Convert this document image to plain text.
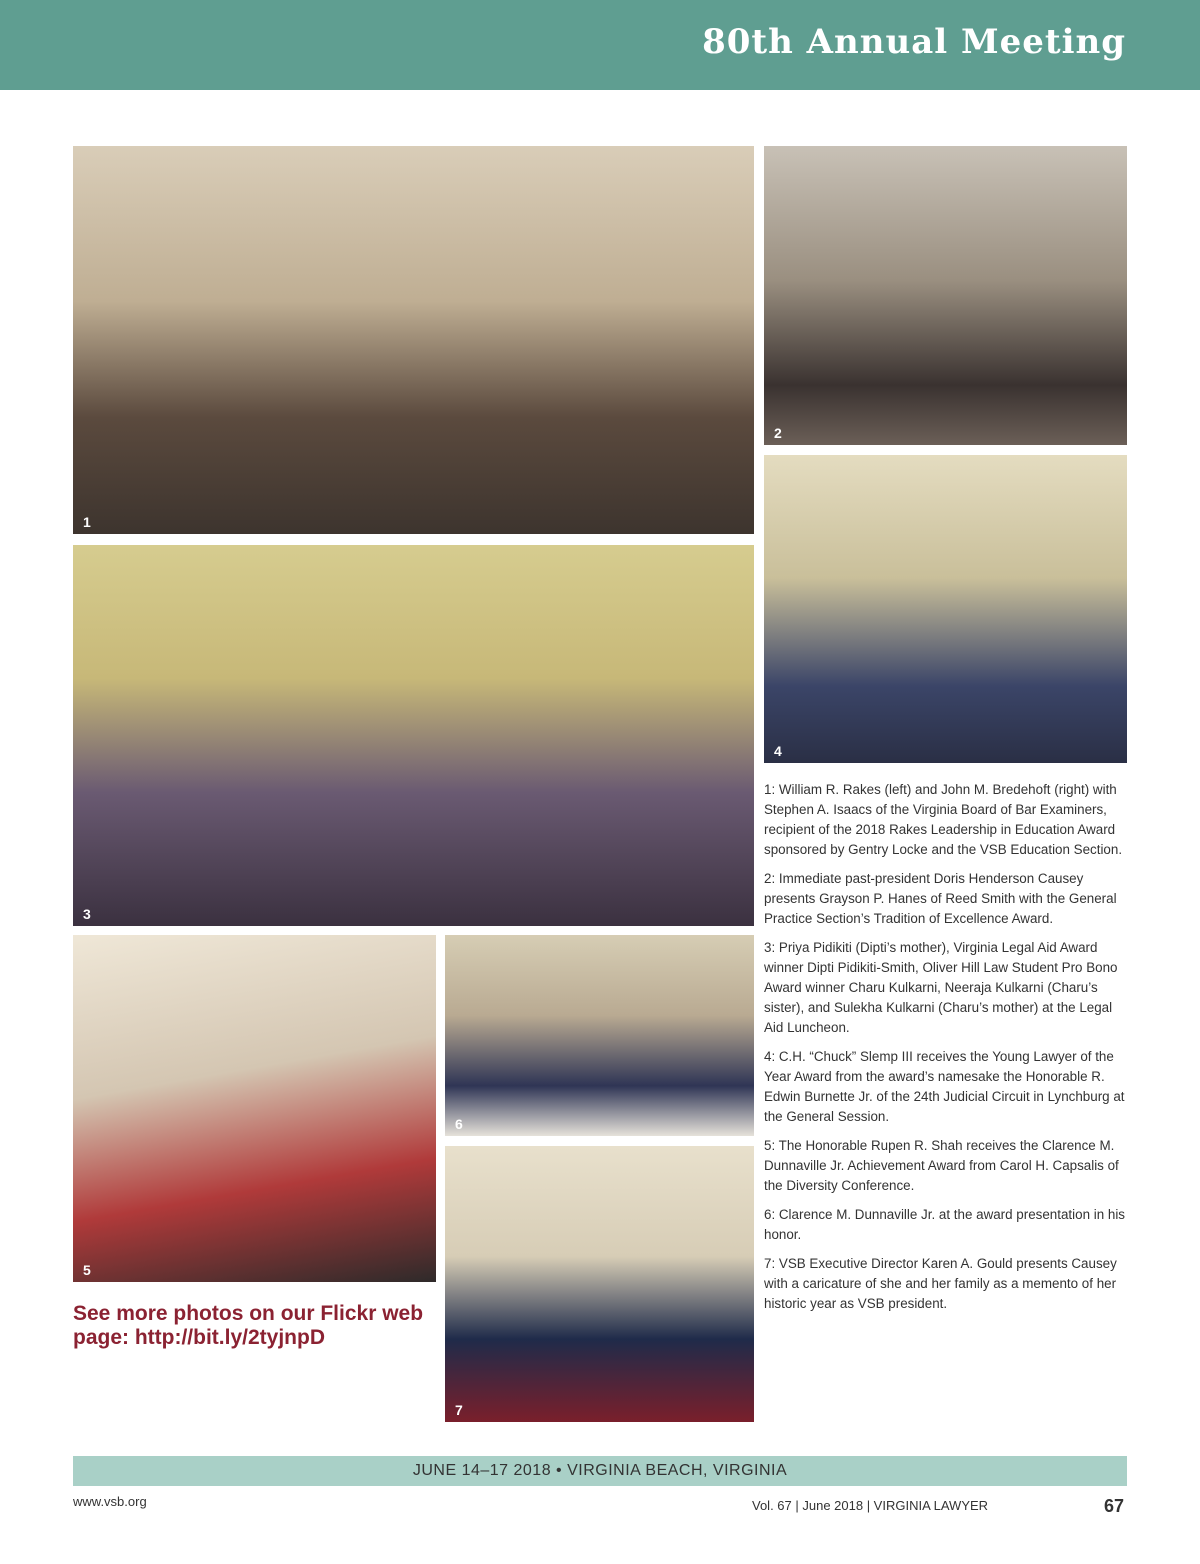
80th Annual Meeting
1
2
3
4
5
6
7
See more photos on our Flickr web page: http://bit.ly/2tyjnpD

1: William R. Rakes (left) and John M. Bredehoft (right) with Stephen A. Isaacs of the Virginia Board of Bar Examiners, recipient of the 2018 Rakes Leadership in Education Award sponsored by Gentry Locke and the VSB Education Section.

2: Immediate past-president Doris Henderson Causey presents Grayson P. Hanes of Reed Smith with the General Practice Section’s Tradition of Excellence Award.

3: Priya Pidikiti (Dipti’s mother), Virginia Legal Aid Award winner Dipti Pidikiti-Smith, Oliver Hill Law Student Pro Bono Award winner Charu Kulkarni, Neeraja Kulkarni (Charu’s sister), and Sulekha Kulkarni (Charu’s mother) at the Legal Aid Luncheon.

4: C.H. “Chuck” Slemp III receives the Young Lawyer of the Year Award from the award’s namesake the Honorable R. Edwin Burnette Jr. of the 24th Judicial Circuit in Lynchburg at the General Session.

5: The Honorable Rupen R. Shah receives the Clarence M. Dunnaville Jr. Achievement Award from Carol H. Capsalis of the Diversity Conference.

6: Clarence M. Dunnaville Jr. at the award presentation in his honor.

7: VSB Executive Director Karen A. Gould presents Causey with a caricature of she and her family as a memento of her historic year as VSB president.

JUNE 14–17 2018 • VIRGINIA BEACH, VIRGINIA
www.vsb.org	Vol. 67 | June 2018 | VIRGINIA LAWYER	67
